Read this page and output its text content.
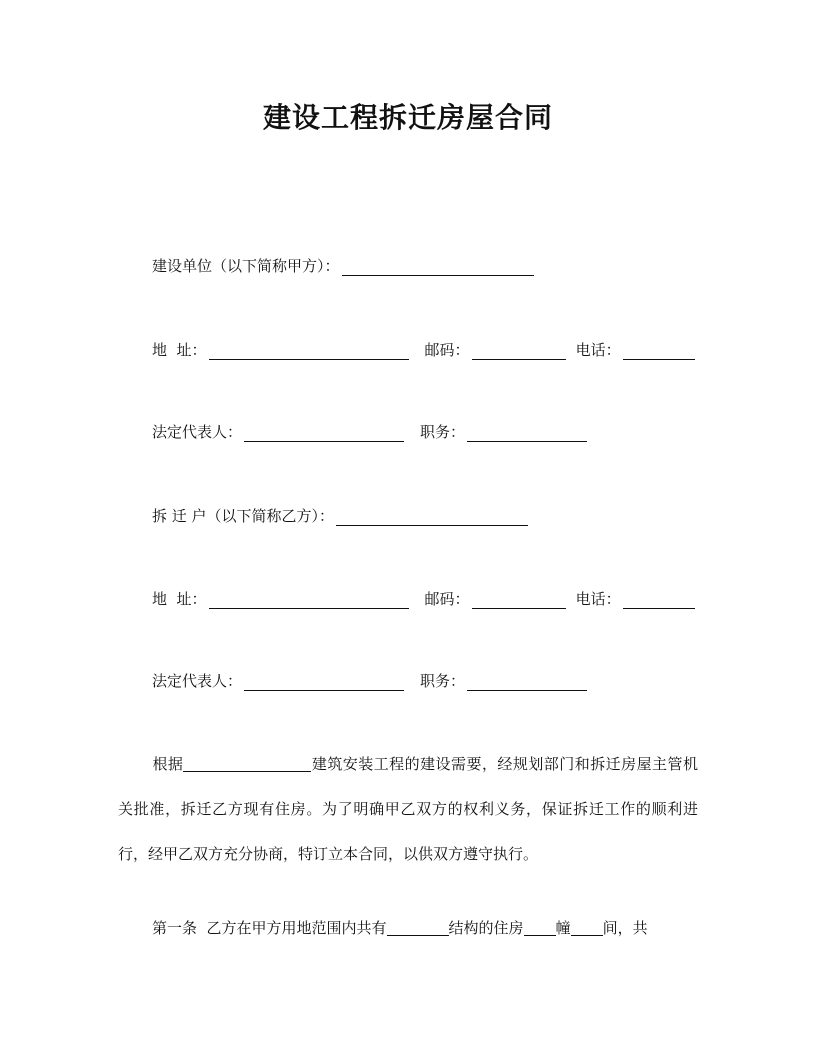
建设工程拆迁房屋合同
建设单位（以下简称甲方）：
地  址：	邮码：	电话：
法定代表人：	职务：
拆 迁 户（以下简称乙方）：
地  址：	邮码：	电话：
法定代表人：	职务：

根据	建筑安装工程的建设需要，经规划部门和拆迁房屋主管机关批准，拆迁乙方现有住房。为了明确甲乙双方的权利义务，保证拆迁工作的顺利进行，经甲乙双方充分协商，特订立本合同，以供双方遵守执行。

第一条  乙方在甲方用地范围内共有	结构的住房 幢 间，共
